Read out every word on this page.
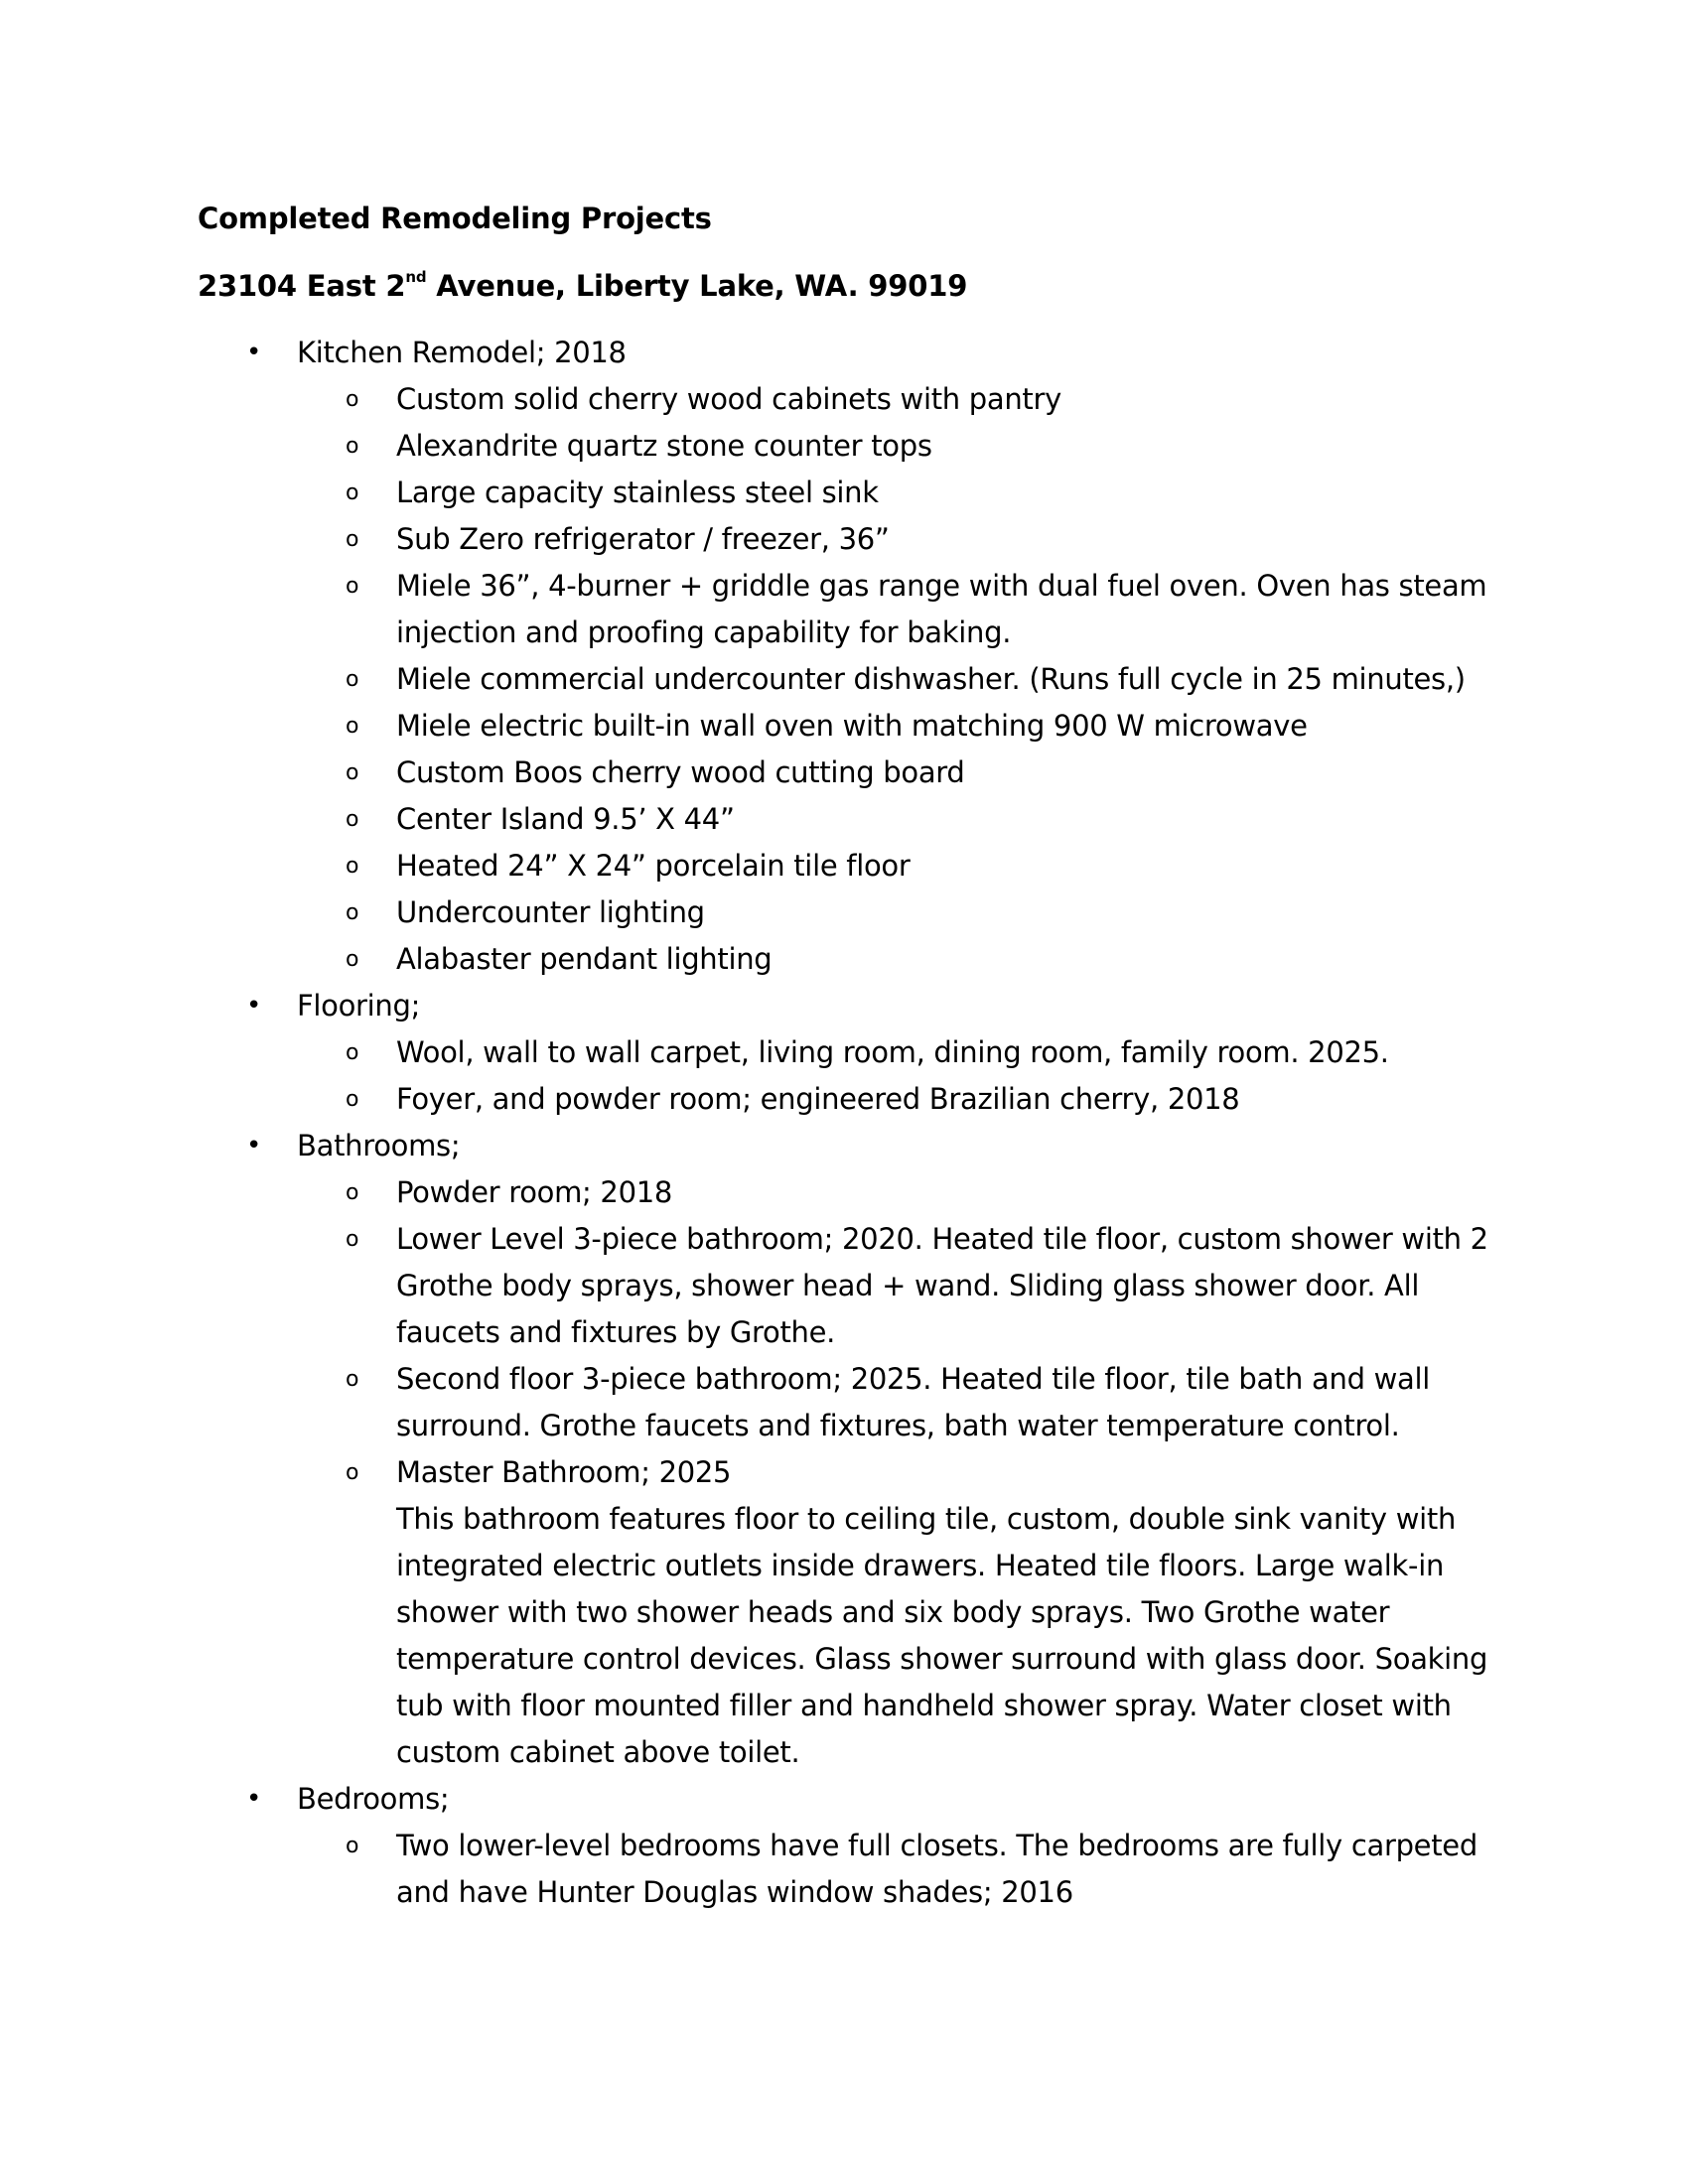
Completed Remodeling Projects
23104 East 2nd Avenue, Liberty Lake, WA. 99019
• Kitchen Remodel; 2018
o Custom solid cherry wood cabinets with pantry
o Alexandrite quartz stone counter tops
o Large capacity stainless steel sink
o Sub Zero refrigerator / freezer, 36”
o Miele 36”, 4-burner + griddle gas range with dual fuel oven. Oven has steam injection and proofing capability for baking.
o Miele commercial undercounter dishwasher. (Runs full cycle in 25 minutes,)
o Miele electric built-in wall oven with matching 900 W microwave
o Custom Boos cherry wood cutting board
o Center Island 9.5’ X 44”
o Heated 24” X 24” porcelain tile floor
o Undercounter lighting
o Alabaster pendant lighting
• Flooring;
o Wool, wall to wall carpet, living room, dining room, family room. 2025.
o Foyer, and powder room; engineered Brazilian cherry, 2018
• Bathrooms;
o Powder room; 2018
o Lower Level 3-piece bathroom; 2020. Heated tile floor, custom shower with 2 Grothe body sprays, shower head + wand. Sliding glass shower door. All faucets and fixtures by Grothe.
o Second floor 3-piece bathroom; 2025. Heated tile floor, tile bath and wall surround. Grothe faucets and fixtures, bath water temperature control.
o Master Bathroom; 2025
This bathroom features floor to ceiling tile, custom, double sink vanity with integrated electric outlets inside drawers. Heated tile floors. Large walk-in shower with two shower heads and six body sprays. Two Grothe water temperature control devices. Glass shower surround with glass door. Soaking tub with floor mounted filler and handheld shower spray. Water closet with custom cabinet above toilet.
• Bedrooms;
o Two lower-level bedrooms have full closets. The bedrooms are fully carpeted and have Hunter Douglas window shades; 2016
